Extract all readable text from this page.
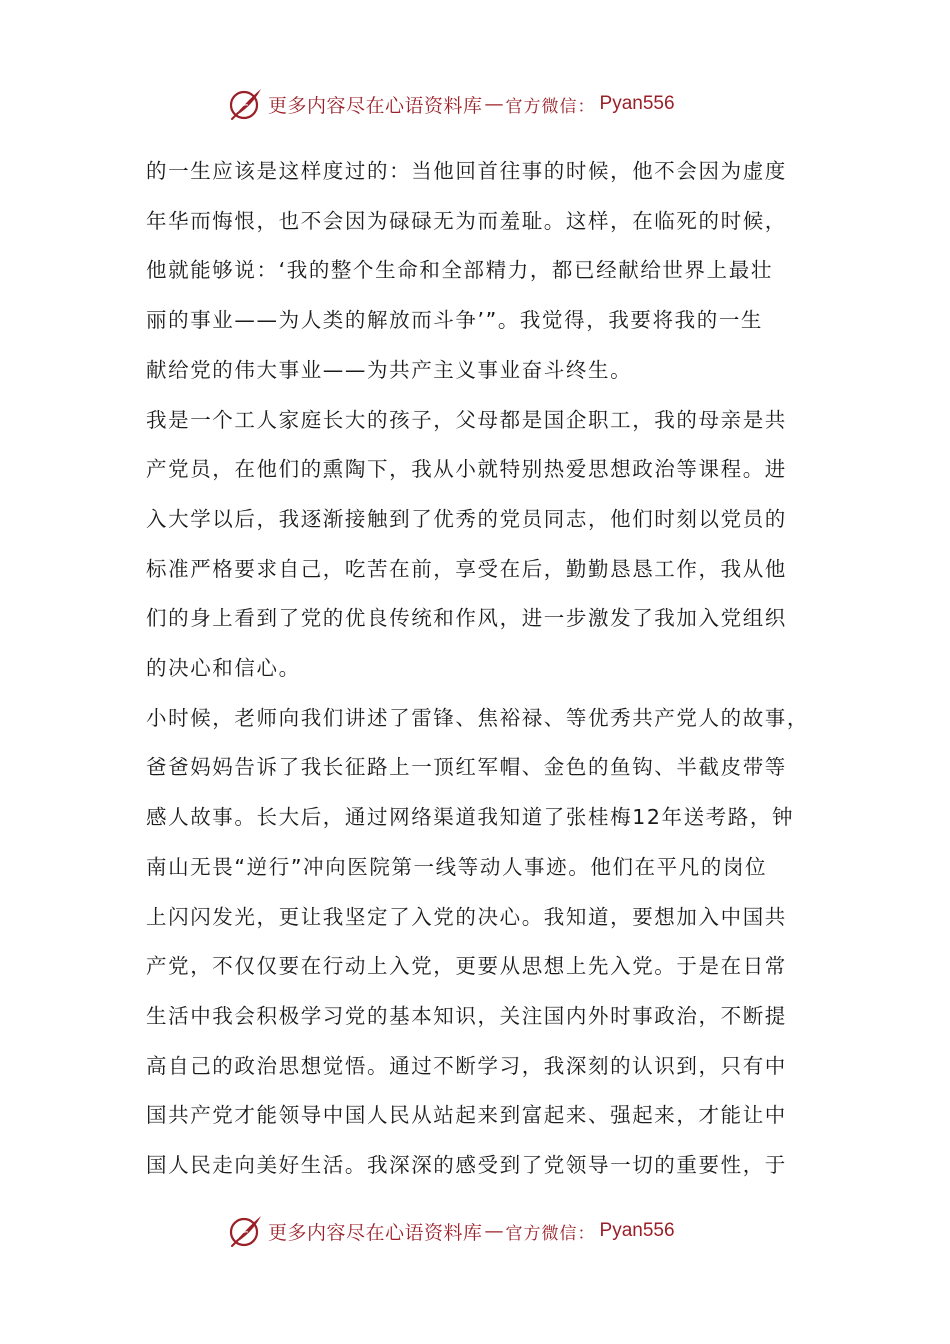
更多内容尽在心语资料库 — 官方微信： Pyan556

的一生应该是这样度过的：当他回首往事的时候，他不会因为虚度

年华而悔恨，也不会因为碌碌无为而羞耻。这样，在临死的时候，

他就能够说：‘我的整个生命和全部精力，都已经献给世界上最壮

丽的事业——为人类的解放而斗争’”。我觉得，我要将我的一生

献给党的伟大事业——为共产主义事业奋斗终生。

我是一个工人家庭长大的孩子，父母都是国企职工，我的母亲是共

产党员，在他们的熏陶下，我从小就特别热爱思想政治等课程。进

入大学以后，我逐渐接触到了优秀的党员同志，他们时刻以党员的

标准严格要求自己，吃苦在前，享受在后，勤勤恳恳工作，我从他

们的身上看到了党的优良传统和作风，进一步激发了我加入党组织

的决心和信心。

小时候，老师向我们讲述了雷锋、焦裕禄、等优秀共产党人的故事，

爸爸妈妈告诉了我长征路上一顶红军帽、金色的鱼钩、半截皮带等

感人故事。长大后，通过网络渠道我知道了张桂梅12年送考路，钟

南山无畏“逆行”冲向医院第一线等动人事迹。他们在平凡的岗位

上闪闪发光，更让我坚定了入党的决心。我知道，要想加入中国共

产党，不仅仅要在行动上入党，更要从思想上先入党。于是在日常

生活中我会积极学习党的基本知识，关注国内外时事政治，不断提

高自己的政治思想觉悟。通过不断学习，我深刻的认识到，只有中

国共产党才能领导中国人民从站起来到富起来、强起来，才能让中

国人民走向美好生活。我深深的感受到了党领导一切的重要性，于

更多内容尽在心语资料库 — 官方微信： Pyan556
